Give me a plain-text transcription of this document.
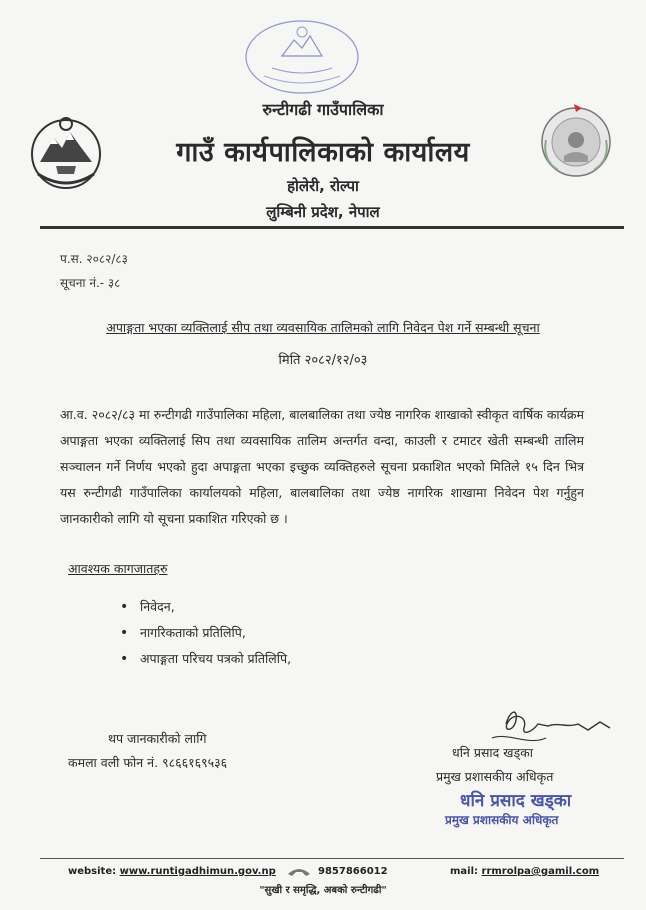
रुन्टीगढी गाउँपालिका
गाउँ कार्यपालिकाको कार्यालय
होलेरी, रोल्पा
लुम्बिनी प्रदेश, नेपाल
प.स. २०८२/८३
सूचना नं.- ३८
अपाङ्गता भएका व्यक्तिलाई सीप तथा व्यवसायिक तालिमको लागि निवेदन पेश गर्ने सम्बन्धी सूचना
मिति २०८२/१२/०३
आ.व. २०८२/८३ मा रुन्टीगढी गाउँपालिका महिला, बालबालिका तथा ज्येष्ठ नागरिक शाखाको स्वीकृत वार्षिक कार्यक्रम अपाङ्गता भएका व्यक्तिलाई सिप तथा व्यवसायिक तालिम अन्तर्गत वन्दा, काउली र टमाटर खेती सम्बन्धी तालिम सञ्चालन गर्ने निर्णय भएको हुदा अपाङ्गता भएका इच्छुक व्यक्तिहरुले सूचना प्रकाशित भएको मितिले १५ दिन भित्र यस रुन्टीगढी गाउँपालिका कार्यालयको महिला, बालबालिका तथा ज्येष्ठ नागरिक शाखामा निवेदन पेश गर्नुहुन जानकारीको लागि यो सूचना प्रकाशित गरिएको छ ।
आवश्यक कागजातहरु
• निवेदन,
• नागरिकताको प्रतिलिपि,
• अपाङ्गता परिचय पत्रको प्रतिलिपि,
थप जानकारीको लागि
कमला वली फोन नं. ९८६६१६९५३६
धनि प्रसाद खड्का
प्रमुख प्रशासकीय अधिकृत
धनि प्रसाद खड्का
प्रमुख प्रशासकीय अधिकृत
website: www.runtigadhimun.gov.np	9857866012	mail: rrmrolpa@gamil.com
"सुखी र समृद्धि, अबको रुन्टीगढी"
